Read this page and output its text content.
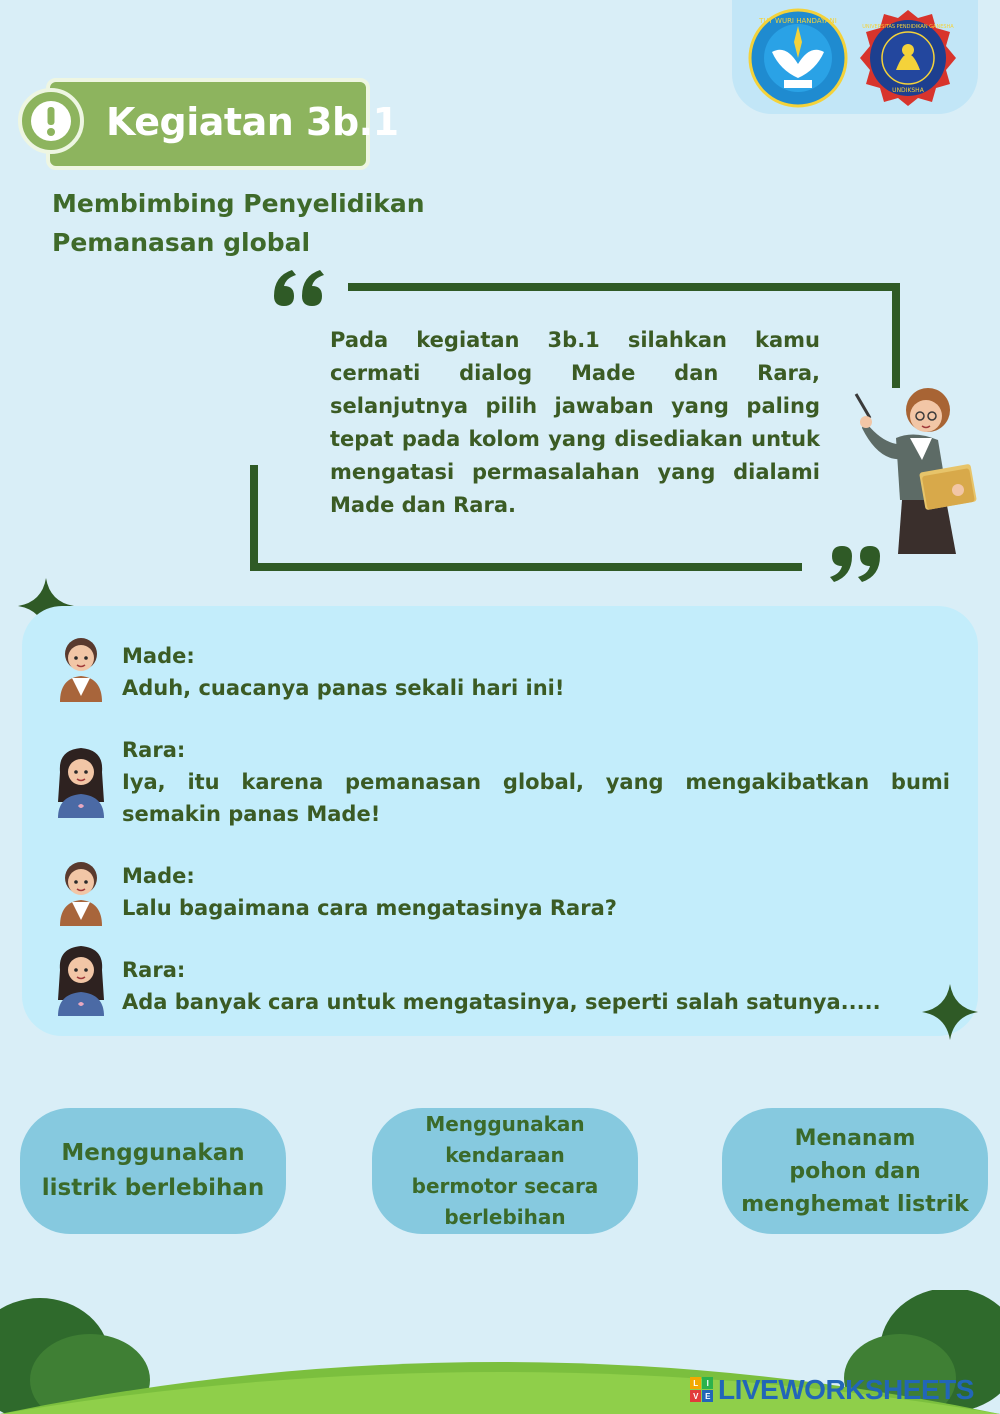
TUT WURI HANDAYANI
UNIVERSITAS PENDIDIKAN GANESHA
UNDIKSHA
Kegiatan 3b.1
Membimbing Penyelidikan
Pemanasan global
Pada kegiatan 3b.1 silahkan kamu cermati dialog Made dan Rara, selanjutnya pilih jawaban yang paling tepat pada kolom yang disediakan untuk mengatasi permasalahan yang dialami Made dan Rara.
Made:
Aduh, cuacanya panas sekali hari ini!
Rara:
Iya, itu karena pemanasan global, yang mengakibatkan bumi semakin panas Made!
Made:
Lalu bagaimana cara mengatasinya Rara?
Rara:
Ada banyak cara untuk mengatasinya, seperti salah satunya.....
Menggunakan
listrik berlebihan
Menggunakan
kendaraan
bermotor secara
berlebihan
Menanam
pohon dan
menghemat listrik
L I
V E LIVEWORKSHEETS
